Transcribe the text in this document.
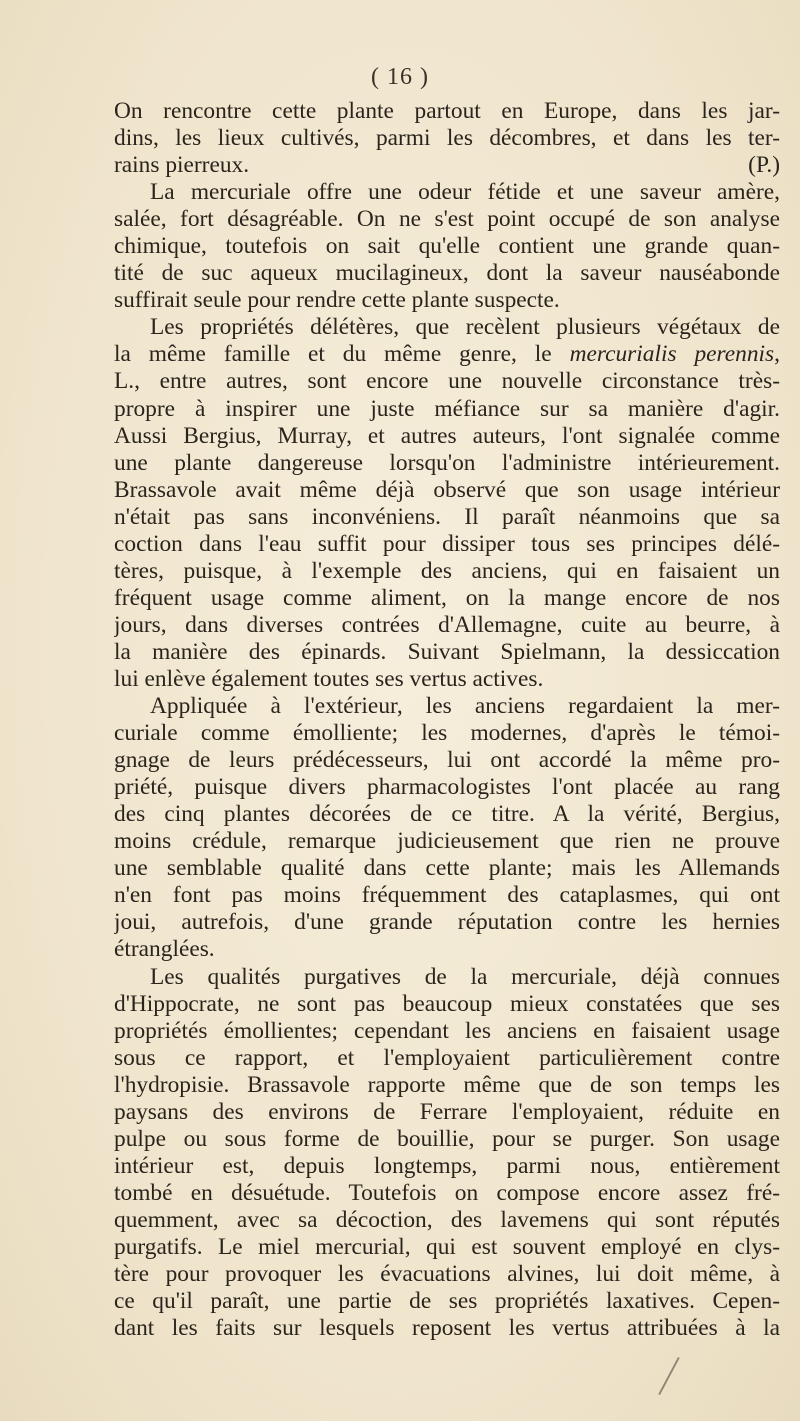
( 16 )
On rencontre cette plante partout en Europe, dans les jar-
dins, les lieux cultivés, parmi les décombres, et dans les ter-
rains pierreux.	(P.)
La mercuriale offre une odeur fétide et une saveur amère,
salée, fort désagréable. On ne s'est point occupé de son analyse
chimique, toutefois on sait qu'elle contient une grande quan-
tité de suc aqueux mucilagineux, dont la saveur nauséabonde
suffirait seule pour rendre cette plante suspecte.
Les propriétés délétères, que recèlent plusieurs végétaux de
la même famille et du même genre, le mercurialis perennis,
L., entre autres, sont encore une nouvelle circonstance très-
propre à inspirer une juste méfiance sur sa manière d'agir.
Aussi Bergius, Murray, et autres auteurs, l'ont signalée comme
une plante dangereuse lorsqu'on l'administre intérieurement.
Brassavole avait même déjà observé que son usage intérieur
n'était pas sans inconvéniens. Il paraît néanmoins que sa
coction dans l'eau suffit pour dissiper tous ses principes délé-
tères, puisque, à l'exemple des anciens, qui en faisaient un
fréquent usage comme aliment, on la mange encore de nos
jours, dans diverses contrées d'Allemagne, cuite au beurre, à
la manière des épinards. Suivant Spielmann, la dessiccation
lui enlève également toutes ses vertus actives.
Appliquée à l'extérieur, les anciens regardaient la mer-
curiale comme émolliente; les modernes, d'après le témoi-
gnage de leurs prédécesseurs, lui ont accordé la même pro-
priété, puisque divers pharmacologistes l'ont placée au rang
des cinq plantes décorées de ce titre. A la vérité, Bergius,
moins crédule, remarque judicieusement que rien ne prouve
une semblable qualité dans cette plante; mais les Allemands
n'en font pas moins fréquemment des cataplasmes, qui ont
joui, autrefois, d'une grande réputation contre les hernies
étranglées.
Les qualités purgatives de la mercuriale, déjà connues
d'Hippocrate, ne sont pas beaucoup mieux constatées que ses
propriétés émollientes; cependant les anciens en faisaient usage
sous ce rapport, et l'employaient particulièrement contre
l'hydropisie. Brassavole rapporte même que de son temps les
paysans des environs de Ferrare l'employaient, réduite en
pulpe ou sous forme de bouillie, pour se purger. Son usage
intérieur est, depuis longtemps, parmi nous, entièrement
tombé en désuétude. Toutefois on compose encore assez fré-
quemment, avec sa décoction, des lavemens qui sont réputés
purgatifs. Le miel mercurial, qui est souvent employé en clys-
tère pour provoquer les évacuations alvines, lui doit même, à
ce qu'il paraît, une partie de ses propriétés laxatives. Cepen-
dant les faits sur lesquels reposent les vertus attribuées à la
